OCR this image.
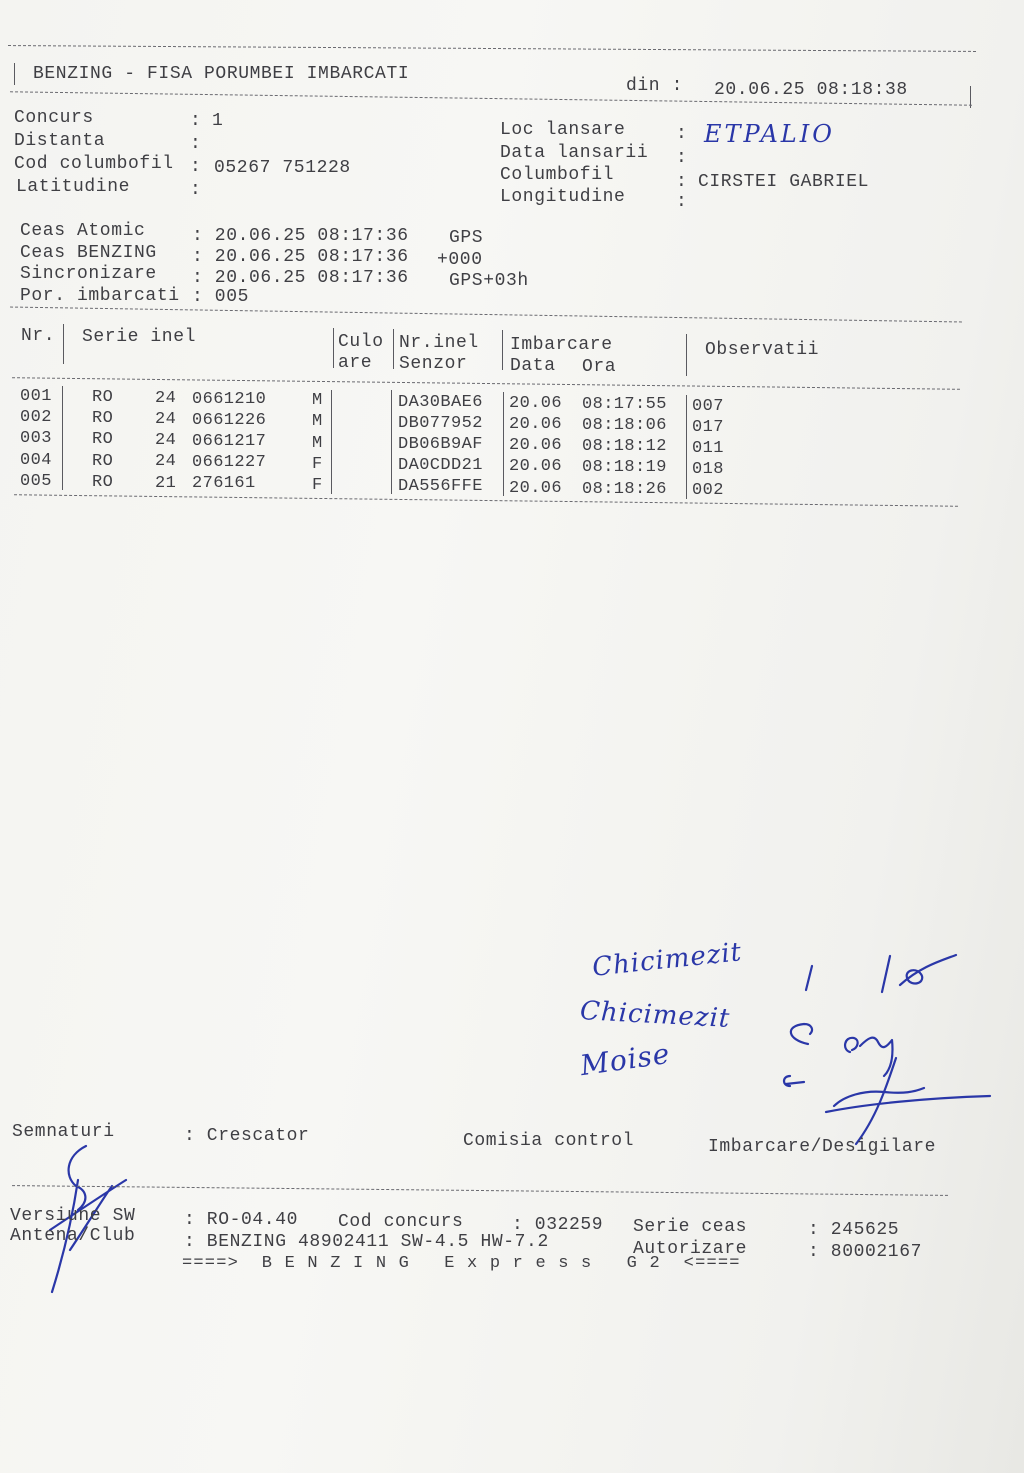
BENZING - FISA PORUMBEI IMBARCATI
din : 20.06.25 08:18:38
Concurs	: 1
Distanta	:
Cod columbofil : 05267 751228
Latitudine	:
Loc lansare	: ETPALIO
Data lansarii :
Columbofil	: CIRSTEI GABRIEL
Longitudine	:
Ceas Atomic	: 20.06.25 08:17:36 GPS
Ceas BENZING : 20.06.25 08:17:36 +000
Sincronizare : 20.06.25 08:17:36 GPS+03h
Por. imbarcati : 005
Nr. Serie inel	Culo
are
Nr.inel
Senzor
Imbarcare
Data Ora
Observatii
001 RO 24 0661210	M	DA30BAE6 20.06 08:17:55 007
002 RO 24 0661226	M	DB077952 20.06 08:18:06 017
003 RO 24 0661217	M	DB06B9AF 20.06 08:18:12 011
004 RO 24 0661227	F	DA0CDD21 20.06 08:18:19 018
005 RO 21 276161	F	DA556FFE 20.06 08:18:26 002
Chicimezit
Chicimezit
Moise
Semnaturi	: Crescator	Comisia control	Imbarcare/Desigilare
Versiune SW	: RO-04.40 Cod concurs	: 032259 Serie ceas	: 245625
Antena/Club	: BENZING 48902411 SW-4.5 HW-7.2	Autorizare	: 80002167
====>  B E N Z I N G   E x p r e s s   G 2  <====
